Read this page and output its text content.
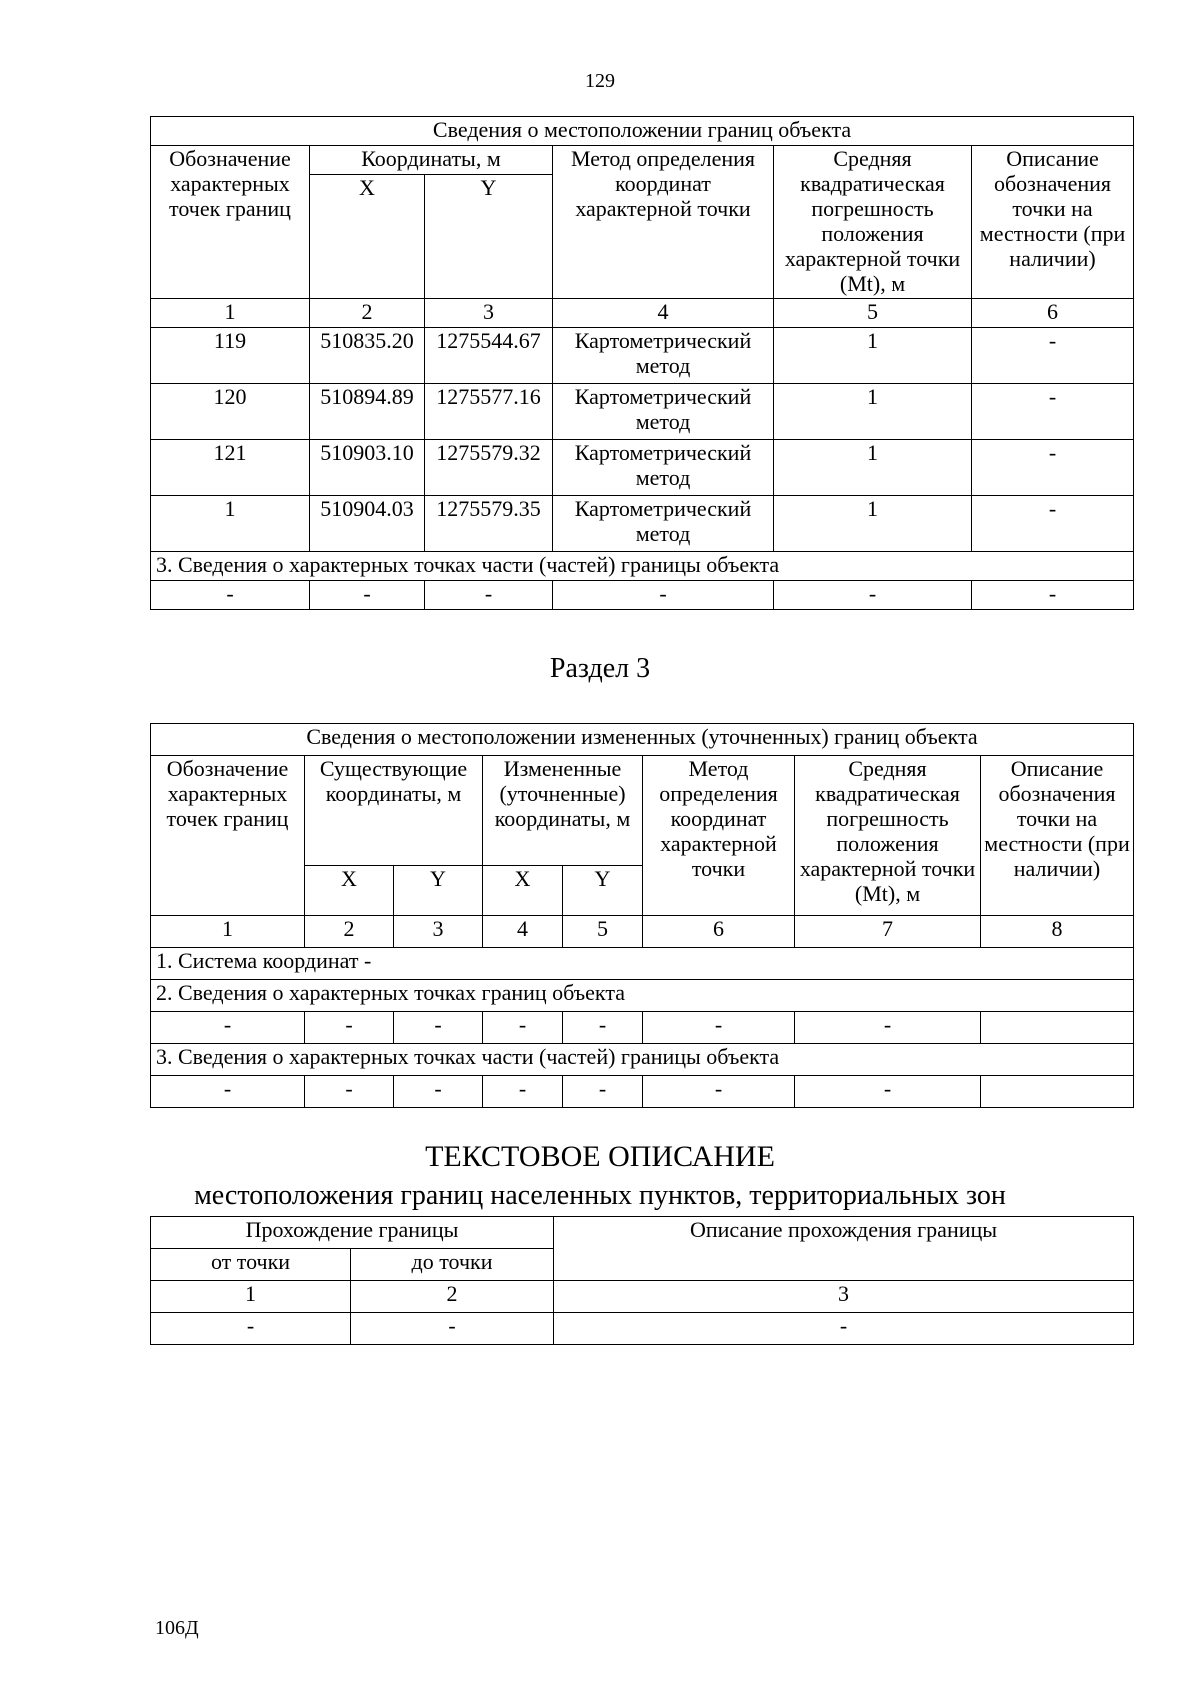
129
Сведения о местоположении границ объекта					
Обозначение характерных точек границ	Координаты, м		Метод определения координат характерной точки	Средняя квадратическая погрешность положения характерной точки (Mt), м	Описание обозначения точки на местности (при наличии)
	X	Y			
1	2	3	4	5	6
119	510835.20	1275544.67	Картометрический метод	1	-
120	510894.89	1275577.16	Картометрический метод	1	-
121	510903.10	1275579.32	Картометрический метод	1	-
1	510904.03	1275579.35	Картометрический метод	1	-
3. Сведения о характерных точках части (частей) границы объекта					
-	-	-	-	-	-
Раздел 3
Сведения о местоположении измененных (уточненных) границ объекта							
Обозначение характерных точек границ	Существующие координаты, м		Измененные (уточненные) координаты, м		Метод определения координат характерной точки	Средняя квадратическая погрешность положения характерной точки (Mt), м	Описание обозначения точки на местности (при наличии)
	X	Y	X	Y			
1	2	3	4	5	6	7	8
1. Система координат -							
2. Сведения о характерных точках границ объекта							
-	-	-	-	-	-	-	
3. Сведения о характерных точках части (частей) границы объекта							
-	-	-	-	-	-	-	
ТЕКСТОВОЕ ОПИСАНИЕ
местоположения границ населенных пунктов, территориальных зон
Прохождение границы		Описание прохождения границы
от точки	до точки	
1	2	3
-	-	-
106Д
